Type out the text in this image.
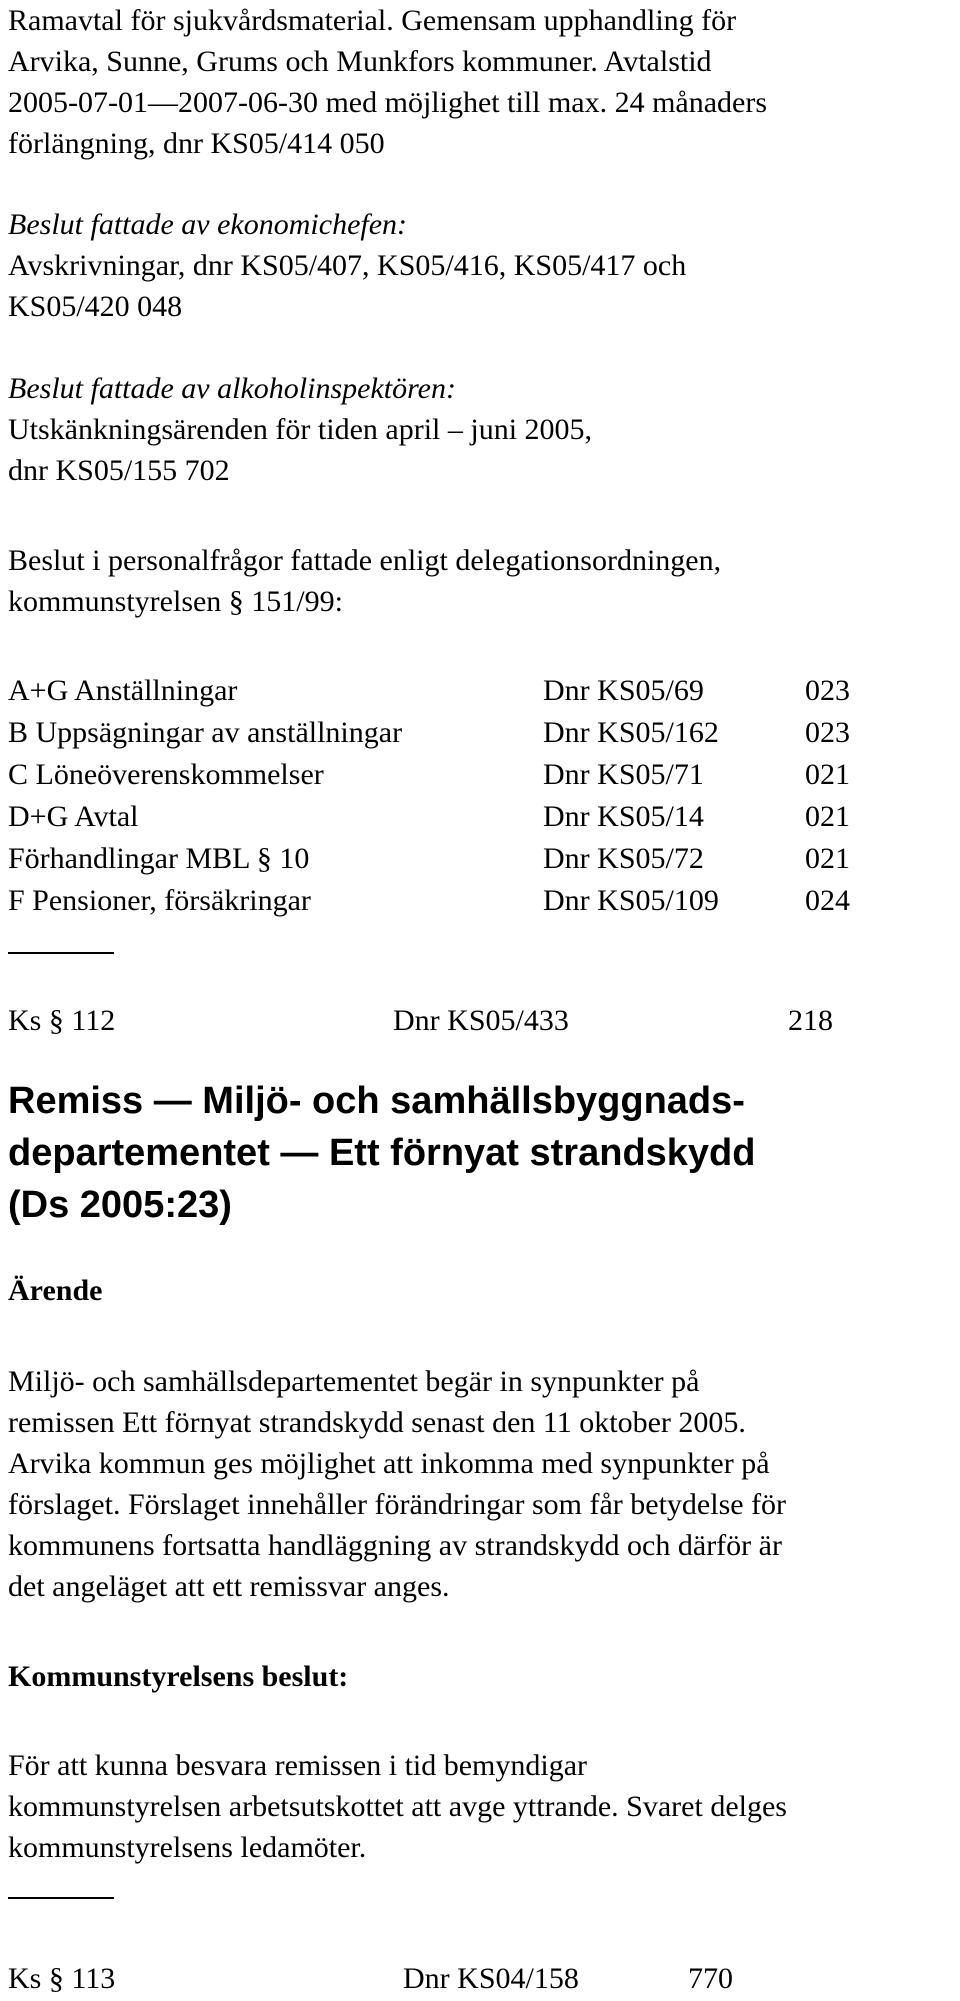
Ramavtal för sjukvårdsmaterial. Gemensam upphandling för

Arvika, Sunne, Grums och Munkfors kommuner. Avtalstid

2005-07-01—2007-06-30 med möjlighet till max. 24 månaders

förlängning, dnr KS05/414 050

Beslut fattade av ekonomichefen:

Avskrivningar, dnr KS05/407, KS05/416, KS05/417 och

KS05/420 048

Beslut fattade av alkoholinspektören:

Utskänkningsärenden för tiden april – juni 2005,

dnr KS05/155 702

Beslut i personalfrågor fattade enligt delegationsordningen,

kommunstyrelsen § 151/99:

A+G Anställningar	Dnr KS05/69	023
B Uppsägningar av anställningar	Dnr KS05/162	023
C Löneöverenskommelser	Dnr KS05/71	021
D+G Avtal	Dnr KS05/14	021
Förhandlingar MBL § 10	Dnr KS05/72	021
F Pensioner, försäkringar	Dnr KS05/109	024
Ks § 112	Dnr KS05/433	218

Remiss — Miljö- och samhällsbyggnads-

departementet — Ett förnyat strandskydd

(Ds 2005:23)

Ärende

Miljö- och samhällsdepartementet begär in synpunkter på

remissen Ett förnyat strandskydd senast den 11 oktober 2005.

Arvika kommun ges möjlighet att inkomma med synpunkter på

förslaget. Förslaget innehåller förändringar som får betydelse för

kommunens fortsatta handläggning av strandskydd och därför är

det angeläget att ett remissvar anges.

Kommunstyrelsens beslut:

För att kunna besvara remissen i tid bemyndigar

kommunstyrelsen arbetsutskottet att avge yttrande. Svaret delges

kommunstyrelsens ledamöter.

Ks § 113	Dnr KS04/158	770
